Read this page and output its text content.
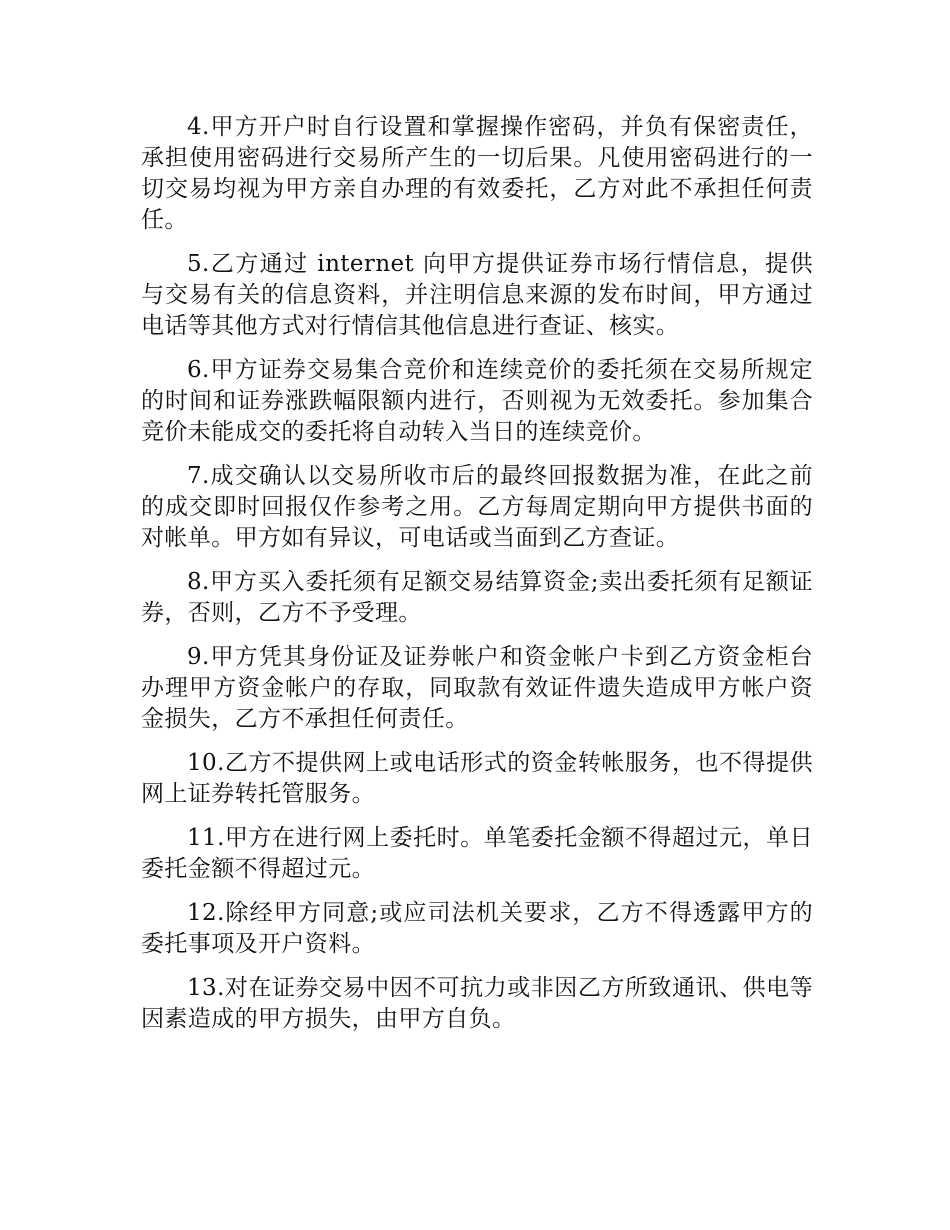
4.甲方开户时自行设置和掌握操作密码，并负有保密责任，承担使用密码进行交易所产生的一切后果。凡使用密码进行的一切交易均视为甲方亲自办理的有效委托，乙方对此不承担任何责任。

5.乙方通过 internet 向甲方提供证券市场行情信息，提供与交易有关的信息资料，并注明信息来源的发布时间，甲方通过电话等其他方式对行情信其他信息进行查证、核实。

6.甲方证券交易集合竞价和连续竞价的委托须在交易所规定的时间和证券涨跌幅限额内进行，否则视为无效委托。参加集合竞价未能成交的委托将自动转入当日的连续竞价。

7.成交确认以交易所收市后的最终回报数据为准，在此之前的成交即时回报仅作参考之用。乙方每周定期向甲方提供书面的对帐单。甲方如有异议，可电话或当面到乙方查证。

8.甲方买入委托须有足额交易结算资金;卖出委托须有足额证券，否则，乙方不予受理。

9.甲方凭其身份证及证券帐户和资金帐户卡到乙方资金柜台办理甲方资金帐户的存取，同取款有效证件遗失造成甲方帐户资金损失，乙方不承担任何责任。

10.乙方不提供网上或电话形式的资金转帐服务，也不得提供网上证券转托管服务。

11.甲方在进行网上委托时。单笔委托金额不得超过元，单日委托金额不得超过元。

12.除经甲方同意;或应司法机关要求，乙方不得透露甲方的委托事项及开户资料。

13.对在证券交易中因不可抗力或非因乙方所致通讯、供电等因素造成的甲方损失，由甲方自负。
